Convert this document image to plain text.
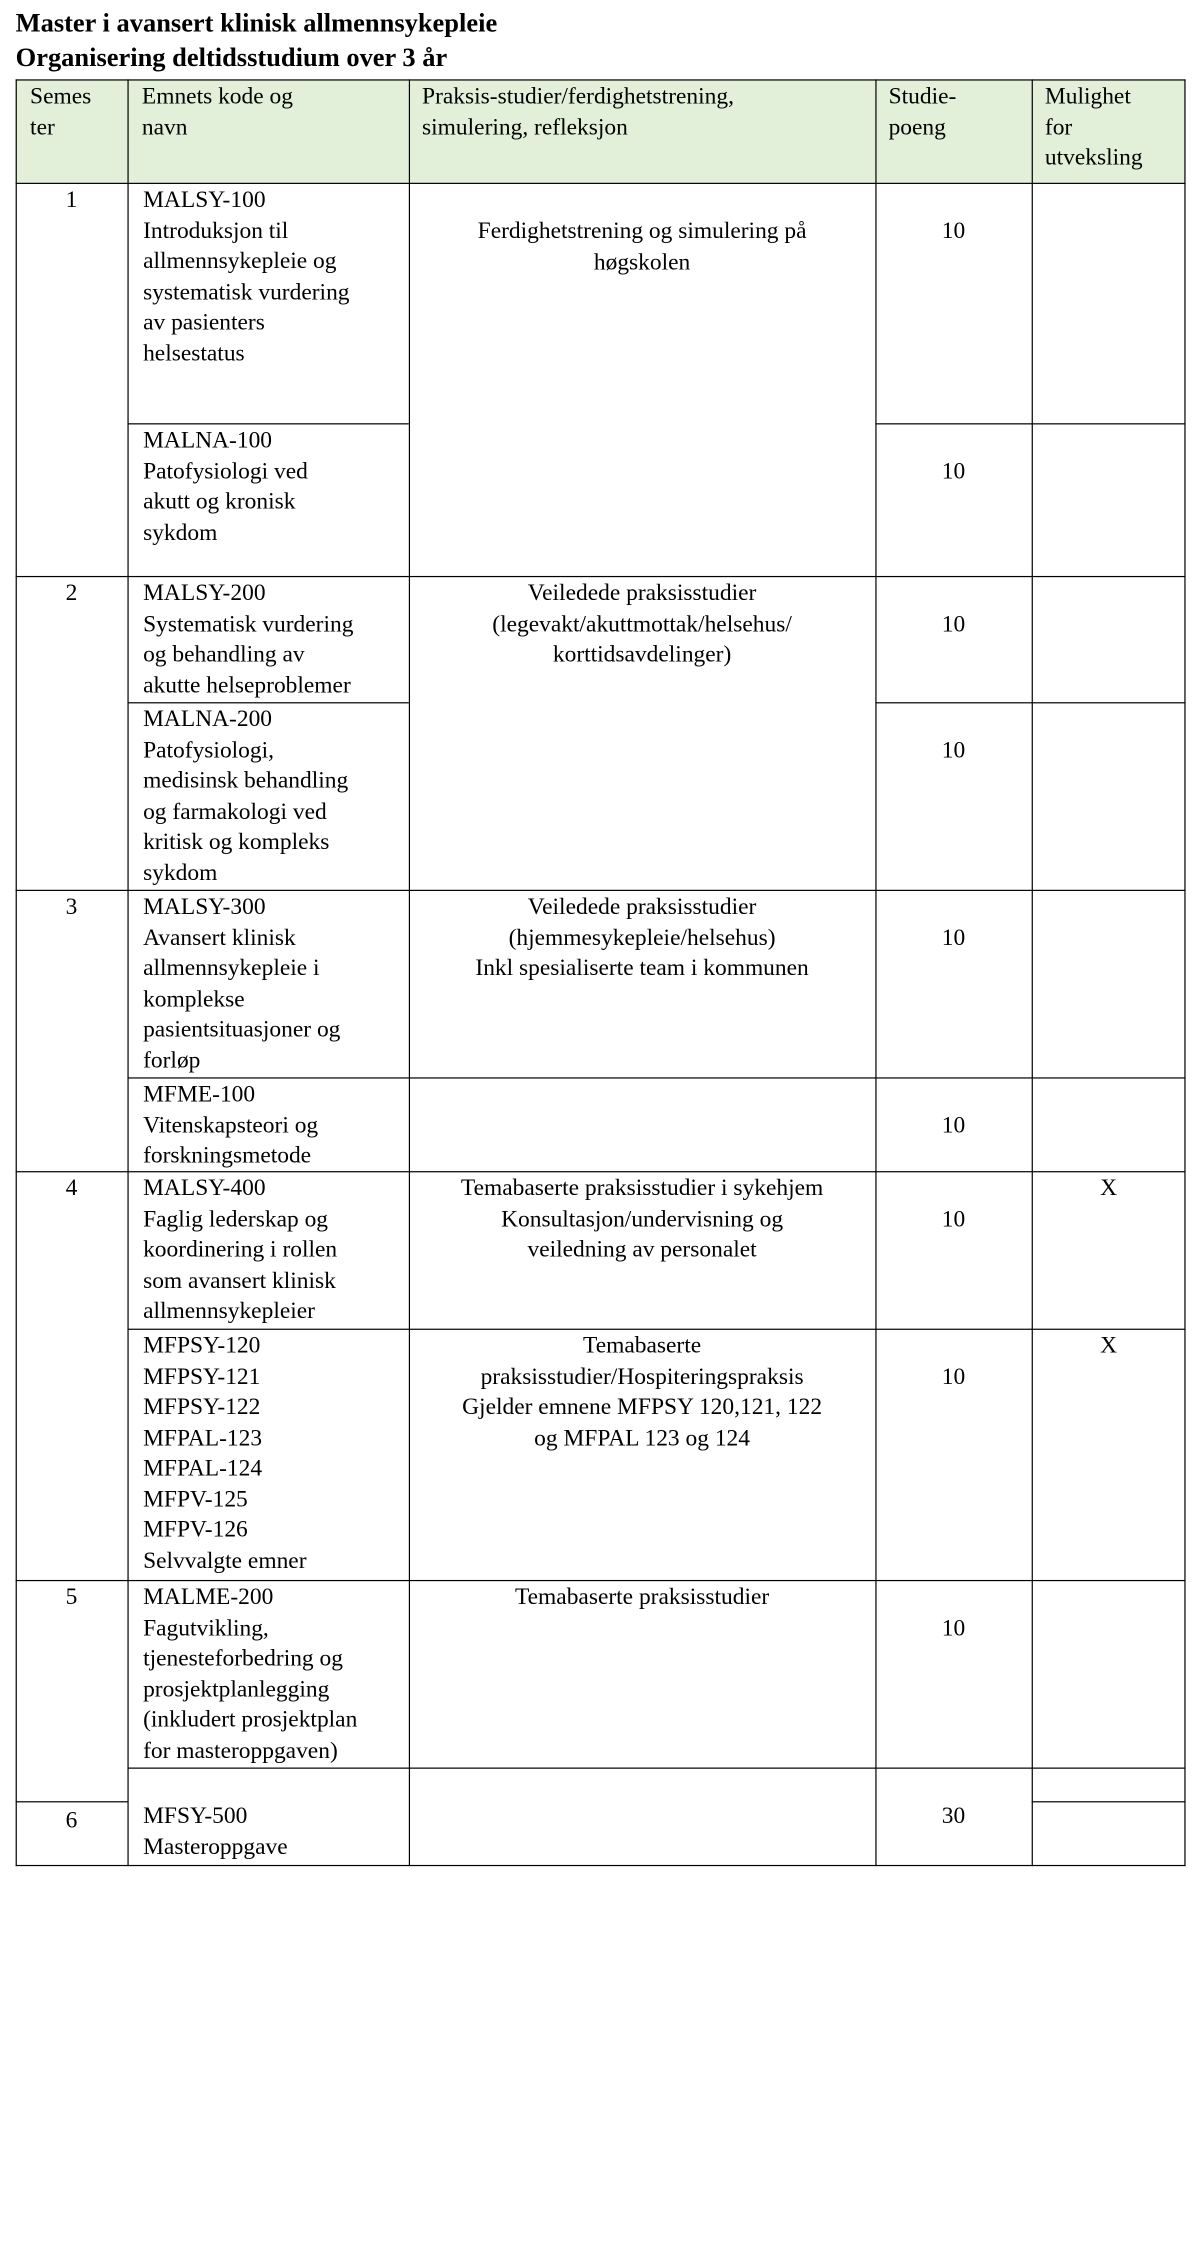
Master i avansert klinisk allmennsykepleie
Organisering deltidsstudium over 3 år
Semes
ter
Emnets kode og
navn
Praksis-studier/ferdighetstrening,
simulering, refleksjon
Studie-
poeng
Mulighet
for
utveksling
1
2
3
4
5
6
MALSY-100
Introduksjon til
allmennsykepleie og
systematisk vurdering
av pasienters
helsestatus
MALNA-100
Patofysiologi ved
akutt og kronisk
sykdom
MALSY-200
Systematisk vurdering
og behandling av
akutte helseproblemer
MALNA-200
Patofysiologi,
medisinsk behandling
og farmakologi ved
kritisk og kompleks
sykdom
MALSY-300
Avansert klinisk
allmennsykepleie i
komplekse
pasientsituasjoner og
forløp
MFME-100
Vitenskapsteori og
forskningsmetode
MALSY-400
Faglig lederskap og
koordinering i rollen
som avansert klinisk
allmennsykepleier
MFPSY-120
MFPSY-121
MFPSY-122
MFPAL-123
MFPAL-124
MFPV-125
MFPV-126
Selvvalgte emner
MALME-200
Fagutvikling,
tjenesteforbedring og
prosjektplanlegging
(inkludert prosjektplan
for masteroppgaven)
MFSY-500
Masteroppgave
Ferdighetstrening og simulering på
høgskolen
Veiledede praksisstudier
(legevakt/akuttmottak/helsehus/
korttidsavdelinger)
Veiledede praksisstudier
(hjemmesykepleie/helsehus)
Inkl spesialiserte team i kommunen
Temabaserte praksisstudier i sykehjem
Konsultasjon/undervisning og
veiledning av personalet
Temabaserte
praksisstudier/Hospiteringspraksis
Gjelder emnene MFPSY 120,121, 122
og MFPAL 123 og 124
Temabaserte praksisstudier
10
10
10
10
10
10
10
10
10
30
X
X
